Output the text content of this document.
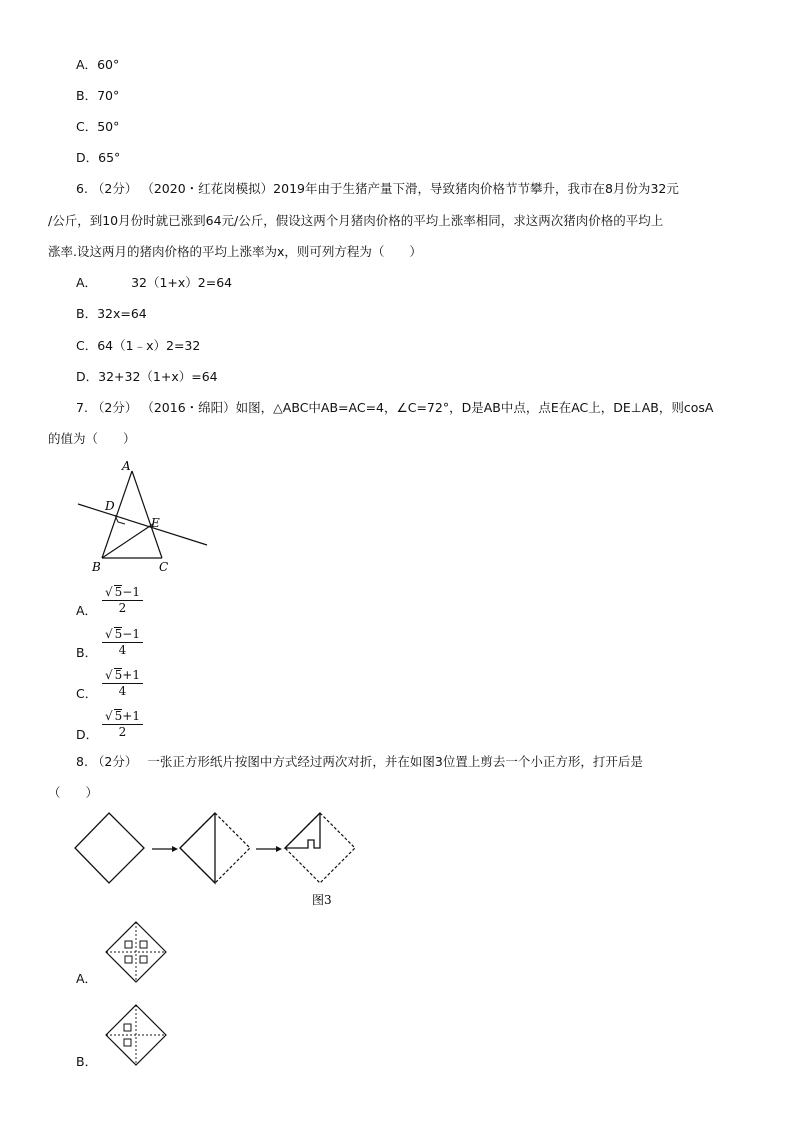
A．60°
B．70°
C．50°
D．65°
6. （2分） （2020・红花岗模拟）2019年由于生猪产量下滑，导致猪肉价格节节攀升，我市在8月份为32元
/公斤，到10月份时就已涨到64元/公斤，假设这两个月猪肉价格的平均上涨率相同，求这两次猪肉价格的平均上
涨率.设这两月的猪肉价格的平均上涨率为x，则可列方程为（　　）
A．	32（1+x）2=64
B．32x=64
C．64（1﹣x）2=32
D．32+32（1+x）=64
7. （2分） （2016・绵阳）如图，△ABC中AB=AC=4，∠C=72°，D是AB中点，点E在AC上，DE⊥AB，则cosA
的值为（　　）
A
D
E
B	C
A． $\frac{√ 5-1}{2}$
B． $\frac{√ 5-1}{4}$
C． $\frac{√ 5+1}{4}$
D． $\frac{√ 5+1}{2}$
8. （2分） 一张正方形纸片按图中方式经过两次对折，并在如图3位置上剪去一个小正方形，打开后是
（　　）
图3
A．
B．
